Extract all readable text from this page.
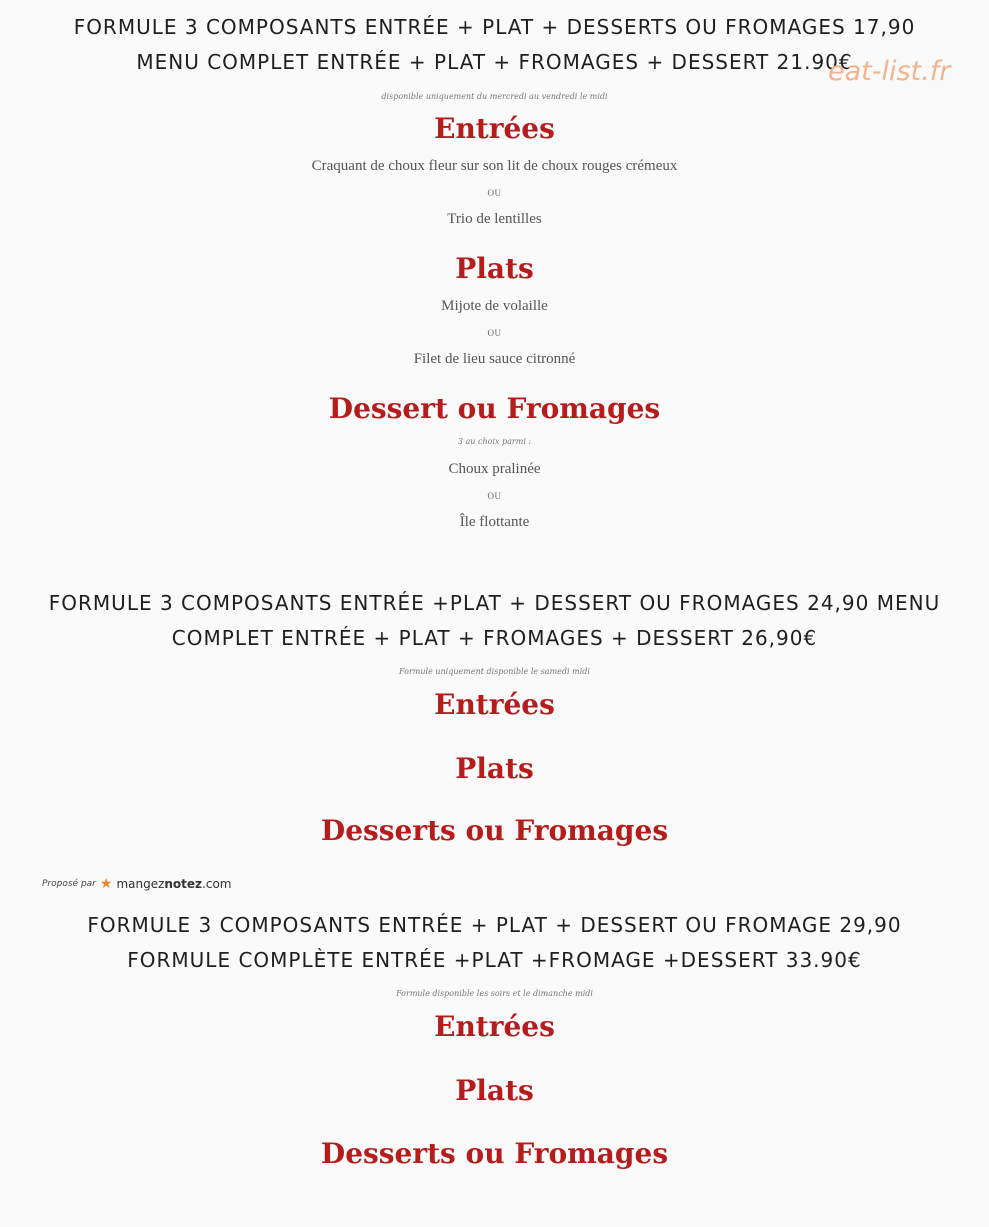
FORMULE 3 COMPOSANTS ENTRÉE + PLAT + DESSERTS OU FROMAGES 17,90
MENU COMPLET ENTRÉE + PLAT + FROMAGES + DESSERT 21.90€
eat-list.fr
disponible uniquement du mercredi au vendredi le midi
Entrées
Craquant de choux fleur sur son lit de choux rouges crémeux
OU
Trio de lentilles
Plats
Mijote de volaille
OU
Filet de lieu sauce citronné
Dessert ou Fromages
3 au choix parmi :
Choux pralinée
OU
Île flottante
FORMULE 3 COMPOSANTS ENTRÉE +PLAT + DESSERT OU FROMAGES 24,90 MENU
COMPLET ENTRÉE + PLAT + FROMAGES + DESSERT 26,90€
Formule uniquement disponible le samedi midi
Entrées
Plats
Desserts ou Fromages
Proposé par ★ mangeznotez.com
FORMULE 3 COMPOSANTS ENTRÉE + PLAT + DESSERT OU FROMAGE 29,90
FORMULE COMPLÈTE ENTRÉE +PLAT +FROMAGE +DESSERT 33.90€
Formule disponible les soirs et le dimanche midi
Entrées
Plats
Desserts ou Fromages
